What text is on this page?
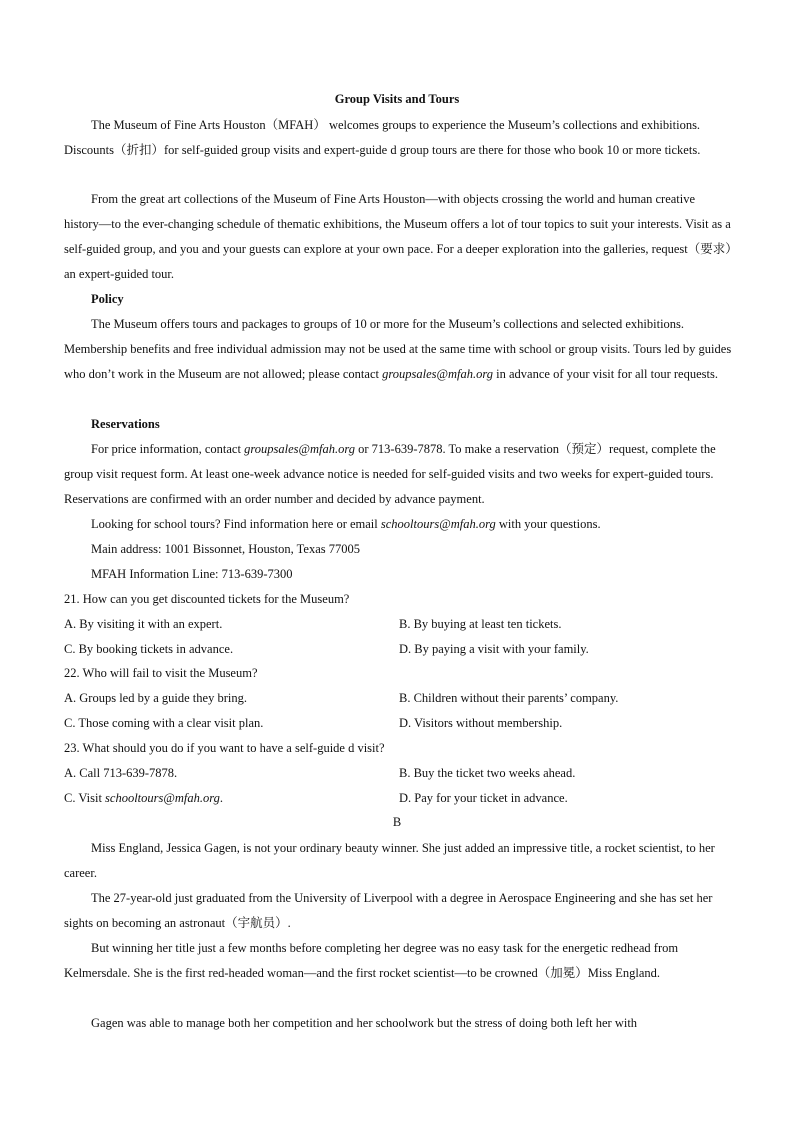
Group Visits and Tours

The Museum of Fine Arts Houston（MFAH） welcomes groups to experience the Museum’s collections and exhibitions. Discounts（折扣）for self-guided group visits and expert-guide d group tours are there for those who book 10 or more tickets.

From the great art collections of the Museum of Fine Arts Houston—with objects crossing the world and human creative history—to the ever-changing schedule of thematic exhibitions, the Museum offers a lot of tour topics to suit your interests. Visit as a self-guided group, and you and your guests can explore at your own pace. For a deeper exploration into the galleries, request（要求）an expert-guided tour.

Policy

The Museum offers tours and packages to groups of 10 or more for the Museum’s collections and selected exhibitions. Membership benefits and free individual admission may not be used at the same time with school or group visits. Tours led by guides who don’t work in the Museum are not allowed; please contact groupsales@mfah.org in advance of your visit for all tour requests.

Reservations

For price information, contact groupsales@mfah.org or 713-639-7878. To make a reservation（预定）request, complete the group visit request form. At least one-week advance notice is needed for self-guided visits and two weeks for expert-guided tours. Reservations are confirmed with an order number and decided by advance payment.

Looking for school tours? Find information here or email schooltours@mfah.org with your questions.
Main address: 1001 Bissonnet, Houston, Texas 77005
MFAH Information Line: 713-639-7300
21. How can you get discounted tickets for the Museum?
A. By visiting it with an expert.	B. By buying at least ten tickets.
C. By booking tickets in advance.	D. By paying a visit with your family.
22. Who will fail to visit the Museum?
A. Groups led by a guide they bring.	B. Children without their parents’ company.
C. Those coming with a clear visit plan.	D. Visitors without membership.
23. What should you do if you want to have a self-guide d visit?
A. Call 713-639-7878.	B. Buy the ticket two weeks ahead.
C. Visit schooltours@mfah.org.	D. Pay for your ticket in advance.
B

Miss England, Jessica Gagen, is not your ordinary beauty winner. She just added an impressive title, a rocket scientist, to her career.

The 27-year-old just graduated from the University of Liverpool with a degree in Aerospace Engineering and she has set her sights on becoming an astronaut（宇航员）.

But winning her title just a few months before completing her degree was no easy task for the energetic redhead from Kelmersdale. She is the first red-headed woman—and the first rocket scientist—to be crowned（加冕）Miss England.

Gagen was able to manage both her competition and her schoolwork but the stress of doing both left her with
